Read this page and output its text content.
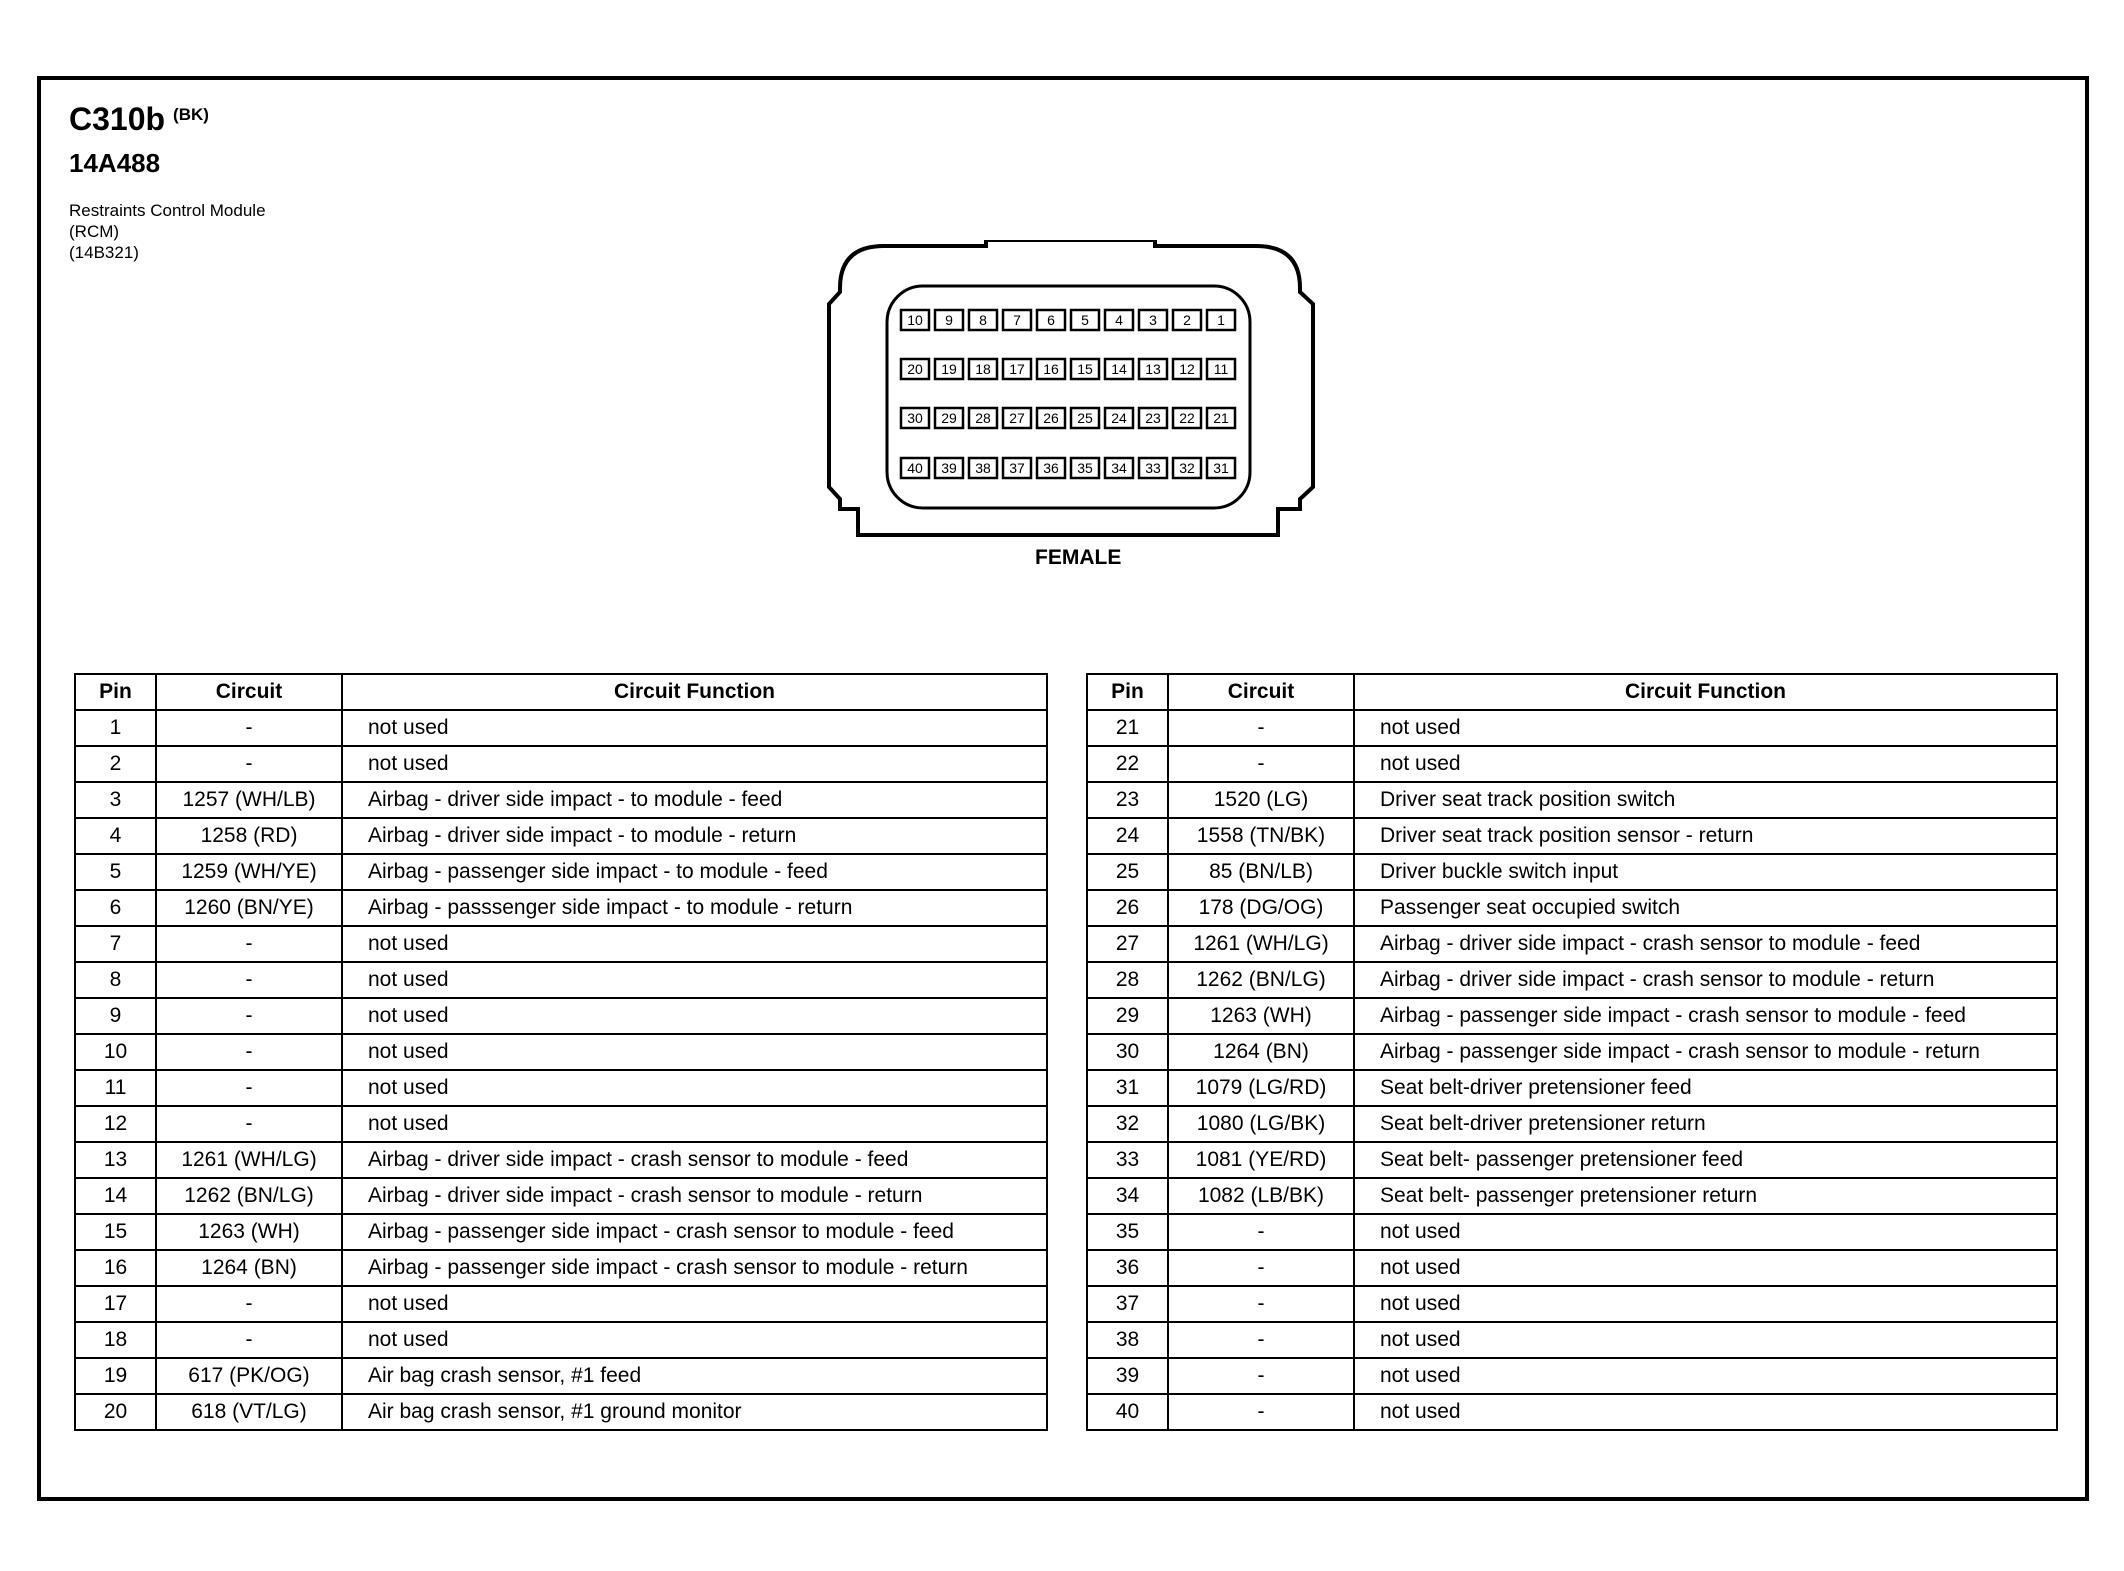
C310b $^{(BK)}$
14A488
Restraints Control Module
(RCM)
(14B321)
10 9 8 7 6 5 4 3 2 1
20 19 18 17 16 15 14 13 12 11
30 29 28 27 26 25 24 23 22 21
40 39 38 37 36 35 34 33 32 31
FEMALE
Pin	Circuit	Circuit Function
1	-	not used
2	-	not used
3	1257 (WH/LB)	Airbag - driver side impact - to module - feed
4	1258 (RD)	Airbag - driver side impact - to module - return
5	1259 (WH/YE)	Airbag - passenger side impact - to module - feed
6	1260 (BN/YE)	Airbag - passsenger side impact - to module - return
7	-	not used
8	-	not used
9	-	not used
10	-	not used
11	-	not used
12	-	not used
13	1261 (WH/LG)	Airbag - driver side impact - crash sensor to module - feed
14	1262 (BN/LG)	Airbag - driver side impact - crash sensor to module - return
15	1263 (WH)	Airbag - passenger side impact - crash sensor to module - feed
16	1264 (BN)	Airbag - passenger side impact - crash sensor to module - return
17	-	not used
18	-	not used
19	617 (PK/OG)	Air bag crash sensor, #1 feed
20	618 (VT/LG)	Air bag crash sensor, #1 ground monitor
Pin	Circuit	Circuit Function
21	-	not used
22	-	not used
23	1520 (LG)	Driver seat track position switch
24	1558 (TN/BK)	Driver seat track position sensor - return
25	85 (BN/LB)	Driver buckle switch input
26	178 (DG/OG)	Passenger seat occupied switch
27	1261 (WH/LG)	Airbag - driver side impact - crash sensor to module - feed
28	1262 (BN/LG)	Airbag - driver side impact - crash sensor to module - return
29	1263 (WH)	Airbag - passenger side impact - crash sensor to module - feed
30	1264 (BN)	Airbag - passenger side impact - crash sensor to module - return
31	1079 (LG/RD)	Seat belt-driver pretensioner feed
32	1080 (LG/BK)	Seat belt-driver pretensioner return
33	1081 (YE/RD)	Seat belt- passenger pretensioner feed
34	1082 (LB/BK)	Seat belt- passenger pretensioner return
35	-	not used
36	-	not used
37	-	not used
38	-	not used
39	-	not used
40	-	not used
